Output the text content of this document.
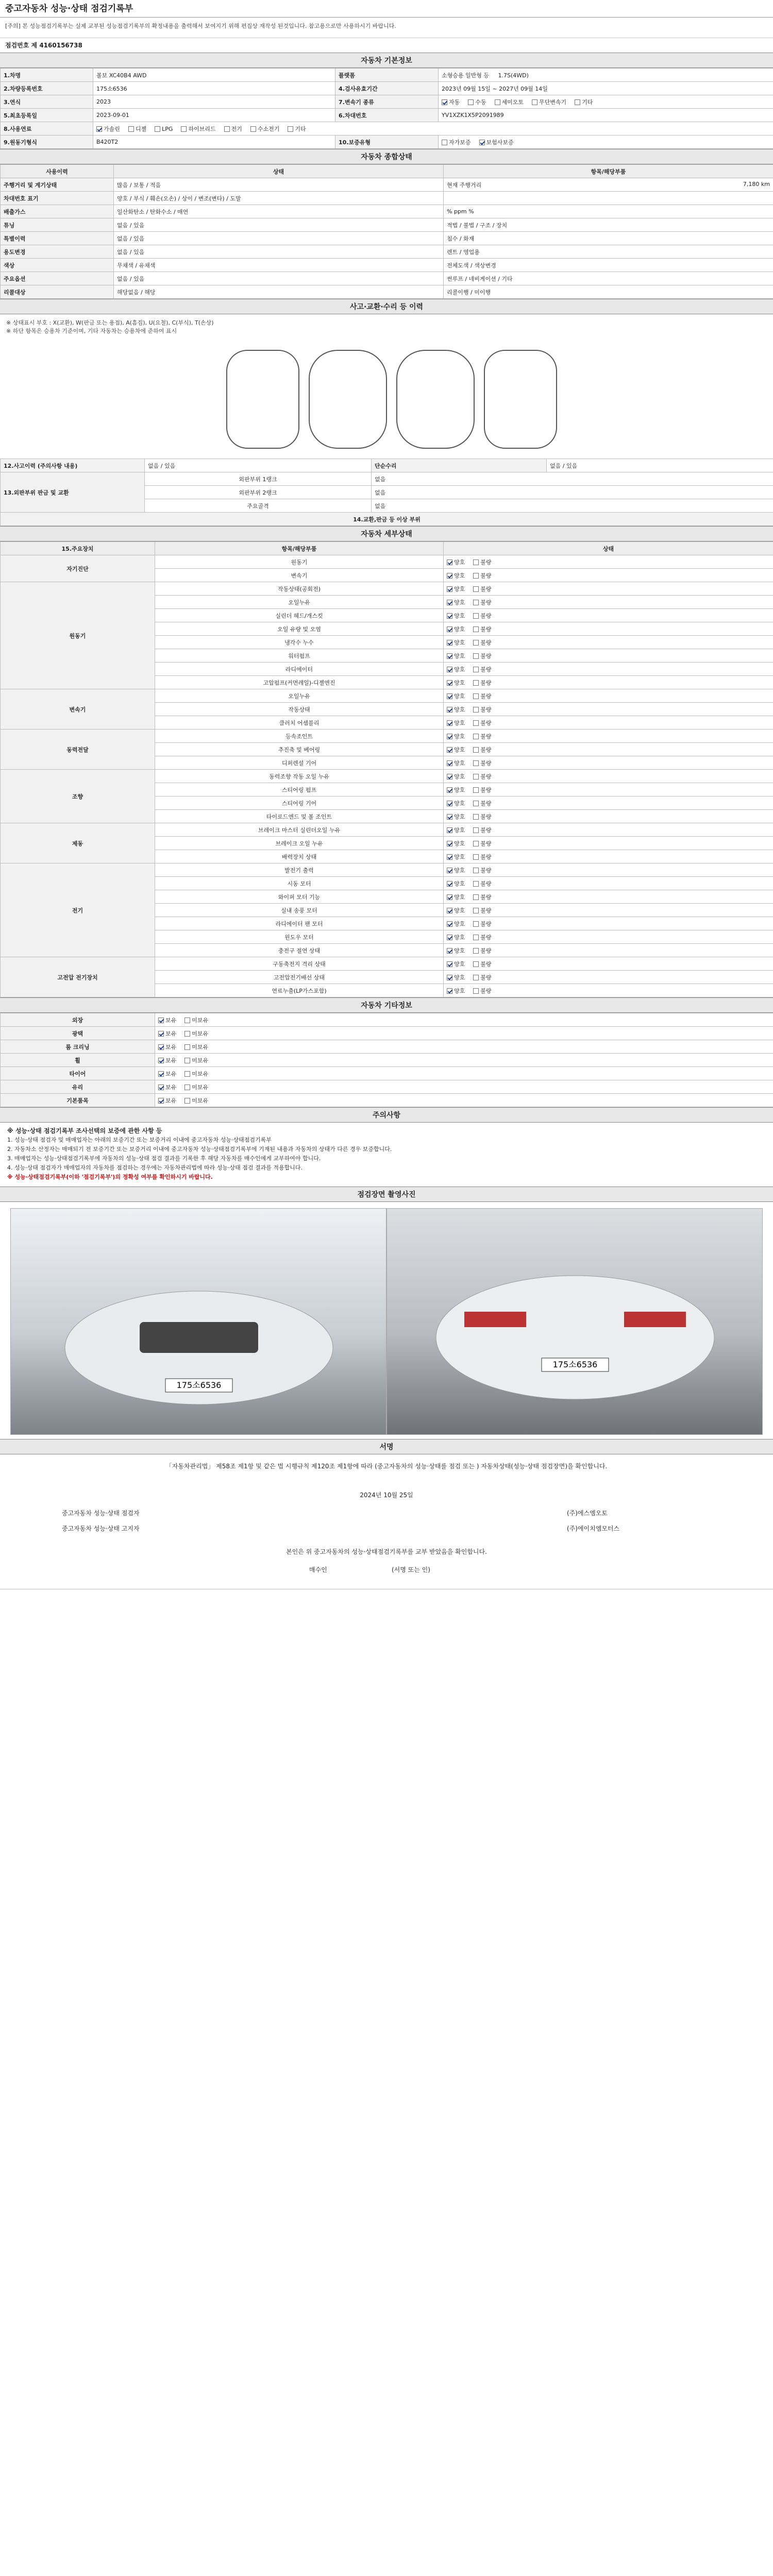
중고자동차 성능·상태 점검기록부
[주의] 본 성능점검기록부는 실제 교부된 성능점검기록부의 확정내용을 출력해서 보여지기 위해 편집상 재작성 된것입니다. 참고용으로만 사용하시기 바랍니다.
점검번호 제 4160156738
자동차 기본정보
1.차명	볼보 XC40B4 AWD	플랫폼	소형승용 일반형 등 1.7S(4WD)
2.차량등록번호	175소6536	4.검사유효기간	2023년 09월 15일 ~ 2027년 09월 14일
3.연식	2023	7.변속기 종류	자동 수동 세미오토 무단변속기 기타
5.최초등록일	2023-09-01	6.차대번호	YV1XZK1X5P2091989
8.사용연료	가솔린 디젤 LPG 하이브리드 전기 수소전기 기타		
9.원동기형식	B420T2	10.보증유형	자가보증 보험사보증
자동차 종합상태
사용이력	상태	항목/해당부품
주행거리 및 계기상태	많음 / 보통 / 적음	현재 주행거리 7,180 km

차대번호 표기	양호 / 부식 / 훼손(오손) / 상이 / 변조(변타) / 도말	
배출가스	일산화탄소 / 탄화수소 / 매연	% ppm %
튜닝	없음 / 있음	적법 / 불법 / 구조 / 장치
특별이력	없음 / 있음	침수 / 화재
용도변경	없음 / 있음	렌트 / 영업용
색상	무채색 / 유채색	전체도색 / 색상변경
주요옵션	없음 / 있음	썬루프 / 네비게이션 / 기타
리콜대상	해당없음 / 해당	리콜이행 / 미이행
사고·교환·수리 등 이력
※ 상태표시 부호 : X(교환), W(판금 또는 용접), A(흠집), U(요철), C(부식), T(손상)
※ 하단 항목은 승용차 기준이며, 기타 자동차는 승용차에 준하여 표시
12.사고이력 (주의사항 내용)	없음 / 있음	단순수리	없음 / 있음
13.외판부위 판금 및 교환	외판부위 1랭크	없음	
	외판부위 2랭크	없음	
	주요골격	없음	
14.교환,판금 등 이상 부위			
자동차 세부상태
15.주요장치	항목/해당부품	상태
자기진단	원동기	양호 불량
	변속기	양호 불량
원동기	작동상태(공회전)	양호 불량
	오일누유	양호 불량
	실린더 헤드/개스킷	양호 불량
	오일 유량 및 오염	양호 불량
	냉각수 누수	양호 불량
	워터펌프	양호 불량
	라디에이터	양호 불량
	고압펌프(커먼레일)-디젤엔진	양호 불량
변속기	오일누유	양호 불량
	작동상태	양호 불량
	클러치 어셈블리	양호 불량
동력전달	등속조인트	양호 불량
	추진축 및 베어링	양호 불량
	디퍼렌셜 기어	양호 불량
조향	동력조향 작동 오일 누유	양호 불량
	스티어링 펌프	양호 불량
	스티어링 기어	양호 불량
	타이로드엔드 및 볼 조인트	양호 불량
제동	브레이크 마스터 실린더오일 누유	양호 불량
	브레이크 오일 누유	양호 불량
	배력장치 상태	양호 불량
전기	발전기 출력	양호 불량
	시동 모터	양호 불량
	와이퍼 모터 기능	양호 불량
	실내 송풍 모터	양호 불량
	라디에이터 팬 모터	양호 불량
	윈도우 모터	양호 불량
	충전구 절연 상태	양호 불량
고전압 전기장치	구동축전지 격리 상태	양호 불량
	고전압전기배선 상태	양호 불량
	연료누출(LP가스포함)	양호 불량
자동차 기타정보
외장	보유 미보유
광택	보유 미보유
룸 크리닝	보유 미보유
휠	보유 미보유
타이어	보유 미보유
유리	보유 미보유
기본품목	보유 미보유
주의사항

※ 성능·상태 점검기록부 조사선택의 보증에 관한 사항 등

1. 성능·상태 점검자 및 매매업자는 아래의 보증기간 또는 보증거리 이내에 중고자동차 성능·상태점검기록부

2. 자동차소 산정자는 매매되기 전 보증기간 또는 보증거리 이내에 중고자동차 성능·상태점검기록부에 기재된 내용과 자동차의 상태가 다른 경우 보증합니다.

3. 매매업자는 성능·상태점검기록부에 자동차의 성능·상태 점검 결과를 기록한 후 해당 자동차를 매수인에게 교부하여야 합니다.

4. 성능·상태 점검자가 매매업자의 자동차를 점검하는 경우에는 자동차관리법에 따라 성능·상태 점검 결과를 적용합니다.

※ 성능·상태점검기록부(이하 '점검기록부')의 정확성 여부를 확인하시기 바랍니다.

점검장면 촬영사진
175소6536
175소6536
서명
「자동차관리법」 제58조 제1항 및 같은 법 시행규칙 제120조 제1항에 따라 (중고자동차의 성능·상태를 점검 또는 ) 자동차상태(성능·상태 점검장면)을 확인합니다.
2024년 10월 25일
중고자동차 성능·상태 점검자	(주)에스엠오토
중고자동차 성능·상태 고지자	(주)에이치엠모터스
본인은 위 중고자동차의 성능·상태점검기록부를 교부 받았음을 확인합니다.
매수인	(서명 또는 인)
